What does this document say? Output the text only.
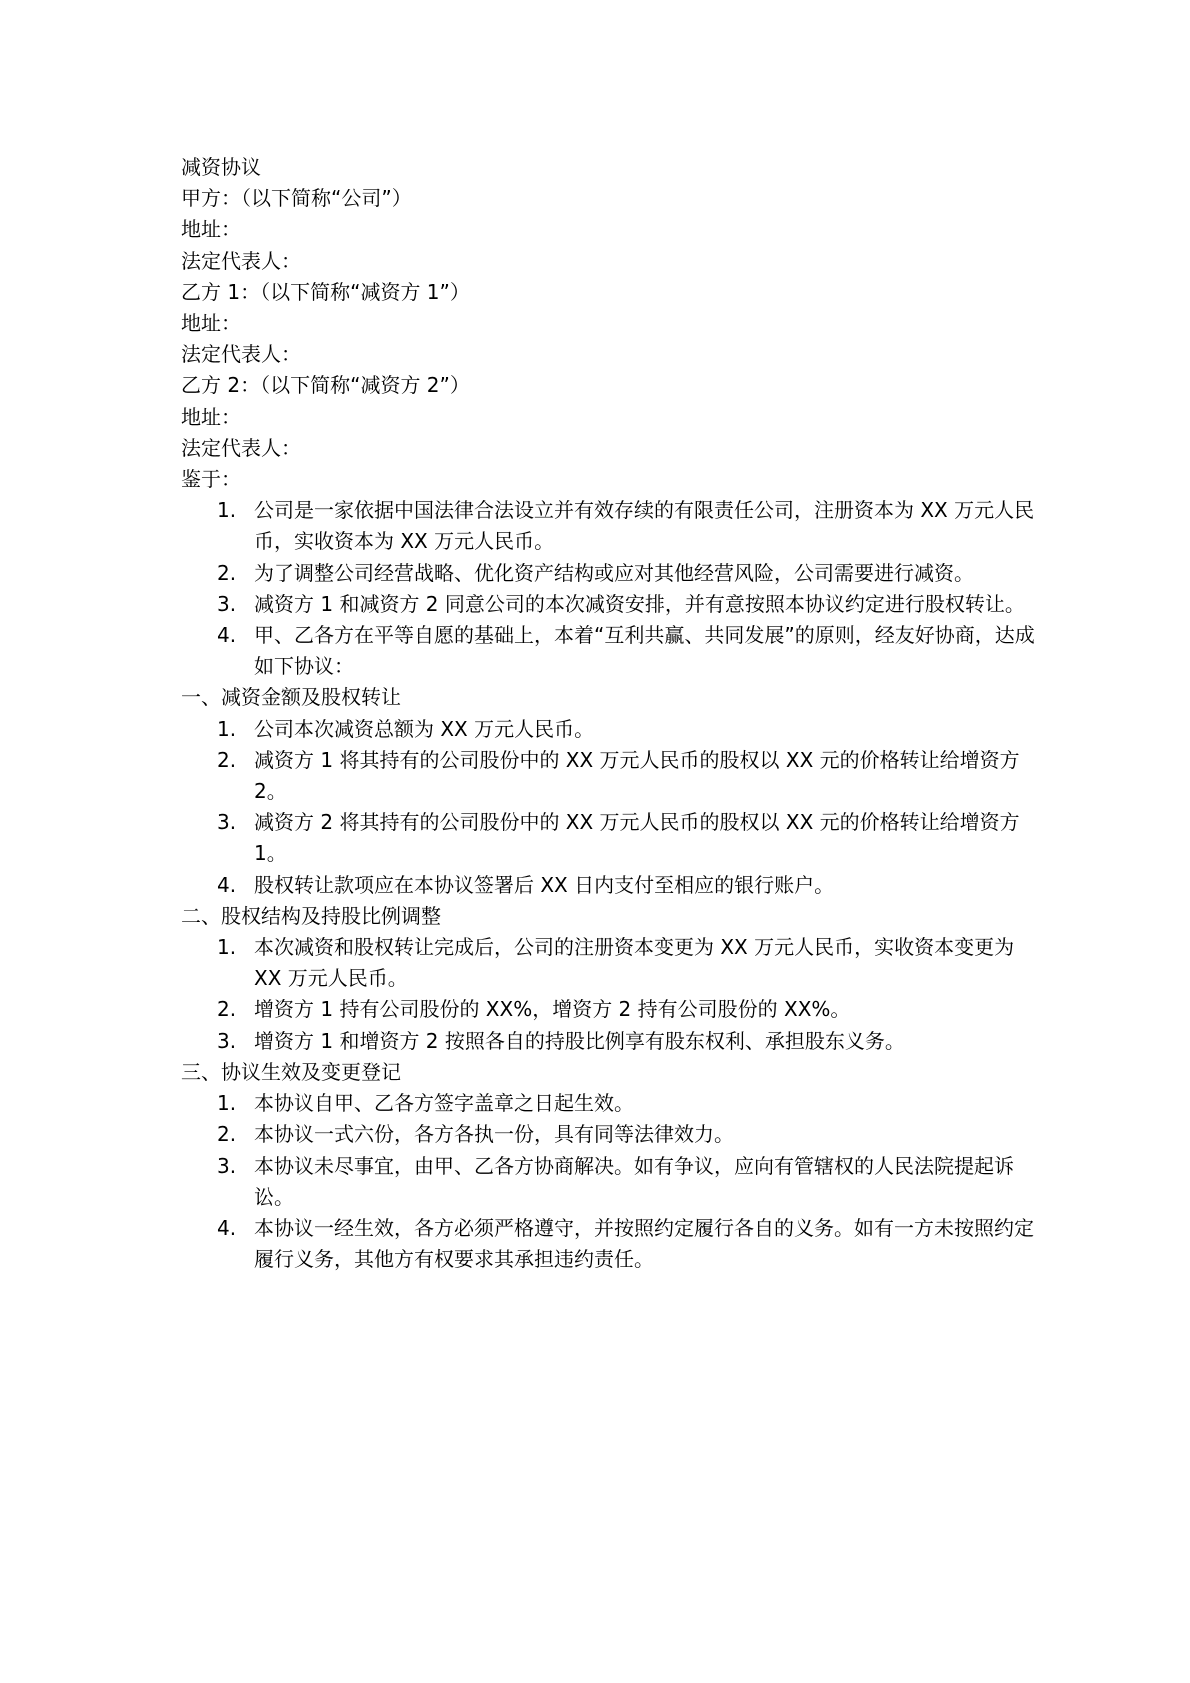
减资协议
甲方：（以下简称“公司”）
地址：
法定代表人：
乙方 1：（以下简称“减资方 1”）
地址：
法定代表人：
乙方 2：（以下简称“减资方 2”）
地址：
法定代表人：
鉴于：
1. 公司是一家依据中国法律合法设立并有效存续的有限责任公司，注册资本为 XX 万元人民币，实收资本为 XX 万元人民币。
2. 为了调整公司经营战略、优化资产结构或应对其他经营风险，公司需要进行减资。
3. 减资方 1 和减资方 2 同意公司的本次减资安排，并有意按照本协议约定进行股权转让。
4. 甲、乙各方在平等自愿的基础上，本着“互利共赢、共同发展”的原则，经友好协商，达成如下协议：
一、减资金额及股权转让
1. 公司本次减资总额为 XX 万元人民币。
2. 减资方 1 将其持有的公司股份中的 XX 万元人民币的股权以 XX 元的价格转让给增资方 2。
3. 减资方 2 将其持有的公司股份中的 XX 万元人民币的股权以 XX 元的价格转让给增资方 1。
4. 股权转让款项应在本协议签署后 XX 日内支付至相应的银行账户。
二、股权结构及持股比例调整
1. 本次减资和股权转让完成后，公司的注册资本变更为 XX 万元人民币，实收资本变更为 XX 万元人民币。
2. 增资方 1 持有公司股份的 XX%，增资方 2 持有公司股份的 XX%。
3. 增资方 1 和增资方 2 按照各自的持股比例享有股东权利、承担股东义务。
三、协议生效及变更登记
1. 本协议自甲、乙各方签字盖章之日起生效。
2. 本协议一式六份，各方各执一份，具有同等法律效力。
3. 本协议未尽事宜，由甲、乙各方协商解决。如有争议，应向有管辖权的人民法院提起诉讼。
4. 本协议一经生效，各方必须严格遵守，并按照约定履行各自的义务。如有一方未按照约定履行义务，其他方有权要求其承担违约责任。
